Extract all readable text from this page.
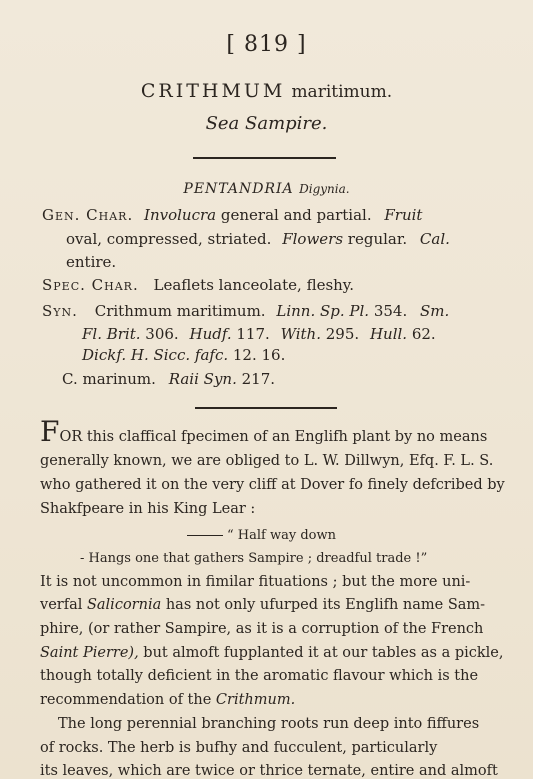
[ 819 ]
CRITHMUM maritimum.
Sea Sampire.
PENTANDRIA Digynia.
Gen. Char. Involucra general and partial. Fruit
oval, compressed, striated. Flowers regular. Cal.
entire.
Spec. Char. Leaflets lanceolate, fleshy.
Syn. Crithmum maritimum. Linn. Sp. Pl. 354. Sm.
Fl. Brit. 306. Hudf. 117. With. 295. Hull. 62.
Dickf. H. Sicc. fafc. 12. 16.
C. marinum. Raii Syn. 217.
FOR this claffical fpecimen of an Englifh plant by no means
generally known, we are obliged to L. W. Dillwyn, Efq. F. L. S.
who gathered it on the very cliff at Dover fo finely defcribed by
Shakfpeare in his King Lear :
“ Half way down
- Hangs one that gathers Sampire ; dreadful trade !”
It is not uncommon in fimilar fituations ; but the more uni-
verfal Salicornia has not only ufurped its Englifh name Sam-
phire, (or rather Sampire, as it is a corruption of the French
Saint Pierre), but almoft fupplanted it at our tables as a pickle,
though totally deficient in the aromatic flavour which is the
recommendation of the Crithmum.
The long perennial branching roots run deep into fiffures
of rocks. The herb is bufhy and fucculent, particularly
its leaves, which are twice or thrice ternate, entire and almoft
